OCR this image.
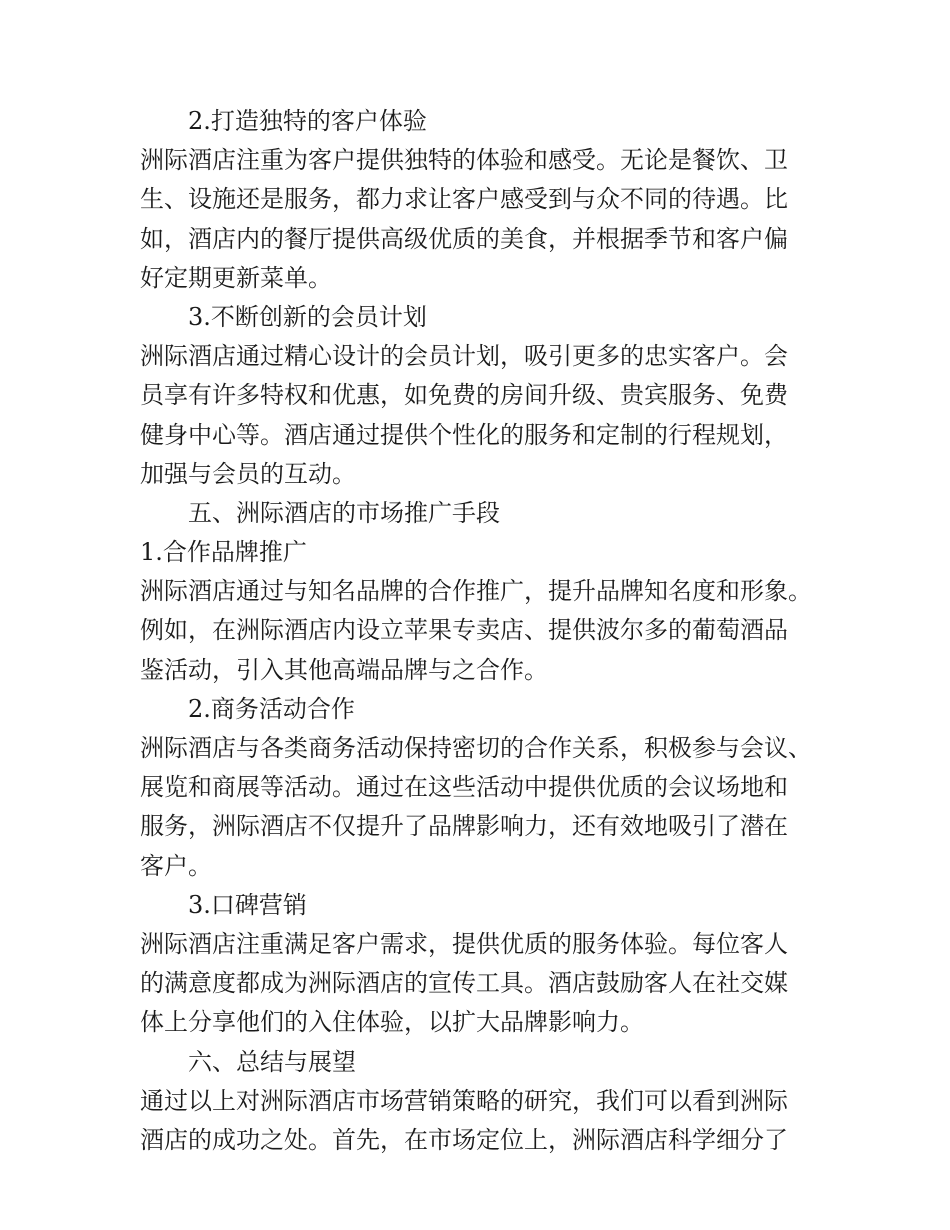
2.打造独特的客户体验
洲际酒店注重为客户提供独特的体验和感受。无论是餐饮、卫
生、设施还是服务，都力求让客户感受到与众不同的待遇。比
如，酒店内的餐厅提供高级优质的美食，并根据季节和客户偏
好定期更新菜单。
3.不断创新的会员计划
洲际酒店通过精心设计的会员计划，吸引更多的忠实客户。会
员享有许多特权和优惠，如免费的房间升级、贵宾服务、免费
健身中心等。酒店通过提供个性化的服务和定制的行程规划，
加强与会员的互动。
五、洲际酒店的市场推广手段
1.合作品牌推广
洲际酒店通过与知名品牌的合作推广，提升品牌知名度和形象。
例如，在洲际酒店内设立苹果专卖店、提供波尔多的葡萄酒品
鉴活动，引入其他高端品牌与之合作。
2.商务活动合作
洲际酒店与各类商务活动保持密切的合作关系，积极参与会议、
展览和商展等活动。通过在这些活动中提供优质的会议场地和
服务，洲际酒店不仅提升了品牌影响力，还有效地吸引了潜在
客户。
3.口碑营销
洲际酒店注重满足客户需求，提供优质的服务体验。每位客人
的满意度都成为洲际酒店的宣传工具。酒店鼓励客人在社交媒
体上分享他们的入住体验，以扩大品牌影响力。
六、总结与展望
通过以上对洲际酒店市场营销策略的研究，我们可以看到洲际
酒店的成功之处。首先，在市场定位上，洲际酒店科学细分了
